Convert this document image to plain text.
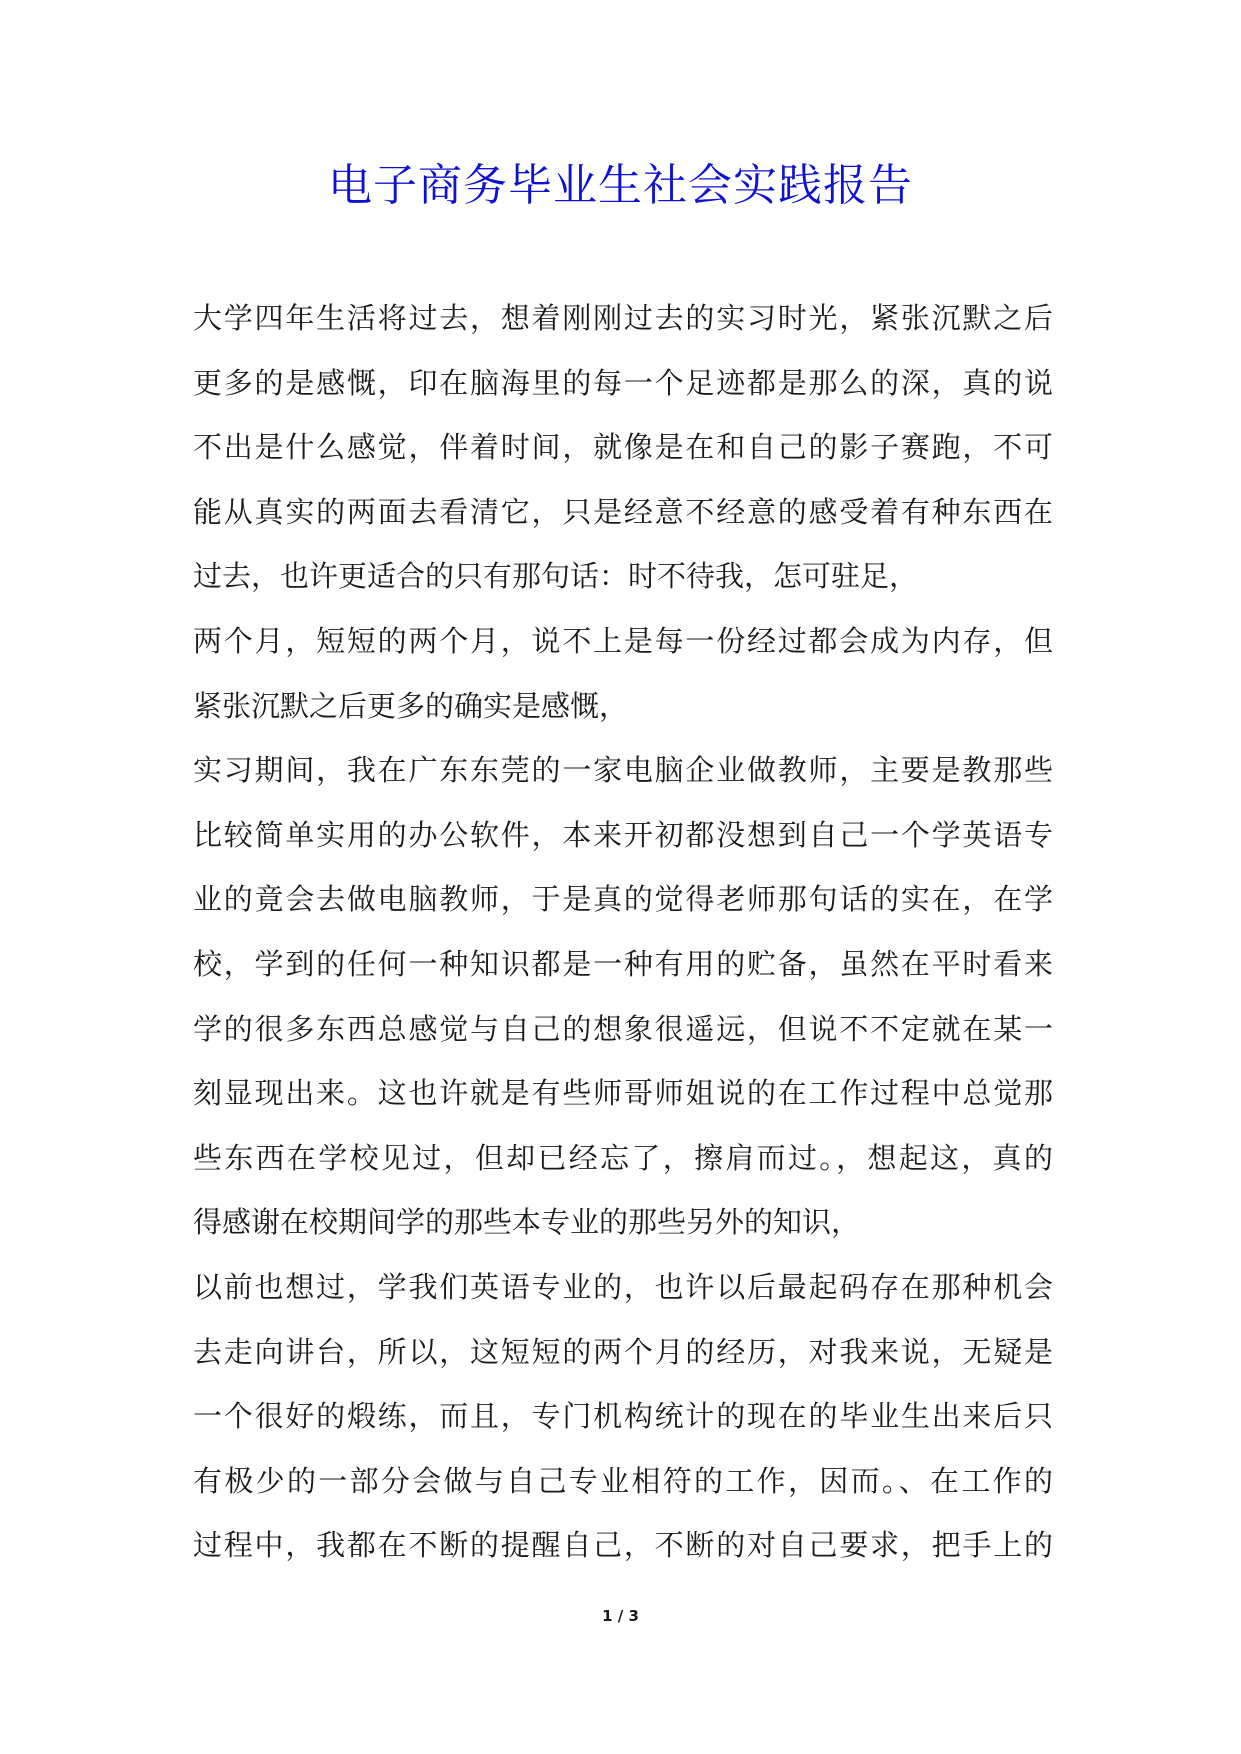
电子商务毕业生社会实践报告
大学四年生活将过去，想着刚刚过去的实习时光，紧张沉默之后
更多的是感慨，印在脑海里的每一个足迹都是那么的深，真的说
不出是什么感觉，伴着时间，就像是在和自己的影子赛跑，不可
能从真实的两面去看清它，只是经意不经意的感受着有种东西在
过去，也许更适合的只有那句话：时不待我，怎可驻足，
两个月，短短的两个月，说不上是每一份经过都会成为内存，但
紧张沉默之后更多的确实是感慨，
实习期间，我在广东东莞的一家电脑企业做教师，主要是教那些
比较简单实用的办公软件，本来开初都没想到自己一个学英语专
业的竟会去做电脑教师，于是真的觉得老师那句话的实在，在学
校，学到的任何一种知识都是一种有用的贮备，虽然在平时看来
学的很多东西总感觉与自己的想象很遥远，但说不不定就在某一
刻显现出来。这也许就是有些师哥师姐说的在工作过程中总觉那
些东西在学校见过，但却已经忘了，擦肩而过。，想起这，真的
得感谢在校期间学的那些本专业的那些另外的知识，
以前也想过，学我们英语专业的，也许以后最起码存在那种机会
去走向讲台，所以，这短短的两个月的经历，对我来说，无疑是
一个很好的煅练，而且，专门机构统计的现在的毕业生出来后只
有极少的一部分会做与自己专业相符的工作，因而。、在工作的
过程中，我都在不断的提醒自己，不断的对自己要求，把手上的
1 / 3
